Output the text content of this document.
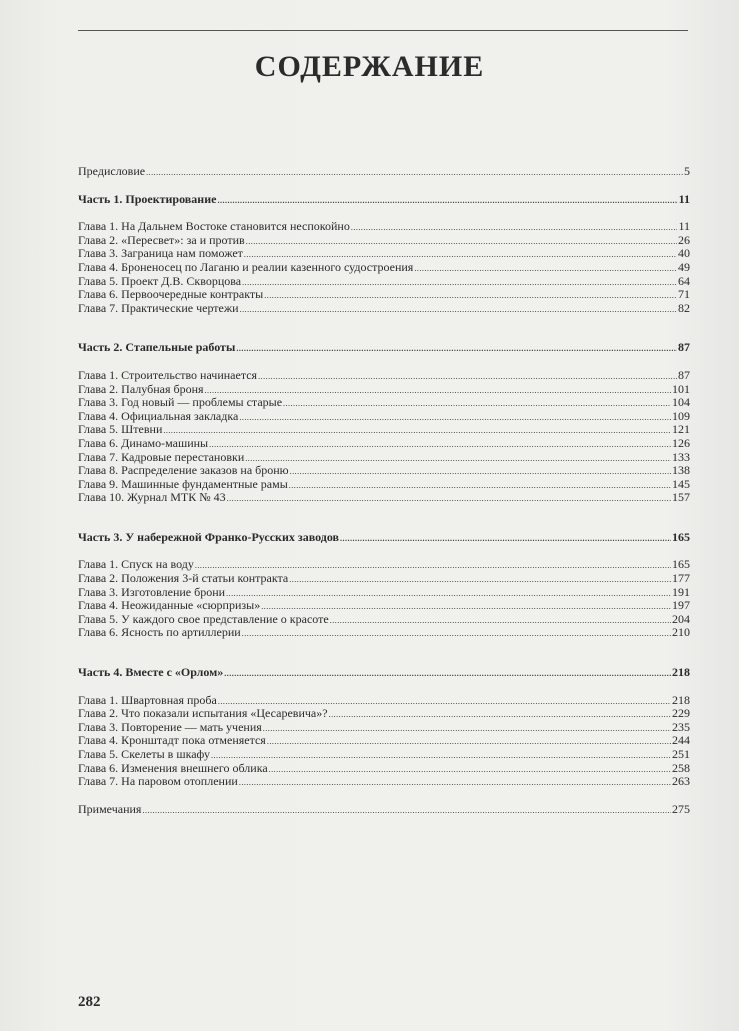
СОДЕРЖАНИЕ
Предисловие .....	5
Часть 1. Проектирование .....	11
Глава 1. На Дальнем Востоке становится неспокойно .....	11
Глава 2. «Пересвет»: за и против .....	26
Глава 3. Заграница нам поможет .....	40
Глава 4. Броненосец по Лаганю и реалии казенного судостроения .....	49
Глава 5. Проект Д.В. Скворцова .....	64
Глава 6. Первоочередные контракты .....	71
Глава 7. Практические чертежи .....	82
Часть 2. Стапельные работы .....	87
Глава 1. Строительство начинается .....	87
Глава 2. Палубная броня .....	101
Глава 3. Год новый — проблемы старые .....	104
Глава 4. Официальная закладка .....	109
Глава 5. Штевни .....	121
Глава 6. Динамо-машины .....	126
Глава 7. Кадровые перестановки .....	133
Глава 8. Распределение заказов на броню .....	138
Глава 9. Машинные фундаментные рамы .....	145
Глава 10. Журнал МТК № 43 .....	157
Часть 3. У набережной Франко-Русских заводов .....	165
Глава 1. Спуск на воду .....	165
Глава 2. Положения 3-й статьи контракта .....	177
Глава 3. Изготовление брони .....	191
Глава 4. Неожиданные «сюрпризы» .....	197
Глава 5. У каждого свое представление о красоте .....	204
Глава 6. Ясность по артиллерии .....	210
Часть 4. Вместе с «Орлом» .....	218
Глава 1. Швартовная проба .....	218
Глава 2. Что показали испытания «Цесаревича»? .....	229
Глава 3. Повторение — мать учения .....	235
Глава 4. Кронштадт пока отменяется .....	244
Глава 5. Скелеты в шкафу .....	251
Глава 6. Изменения внешнего облика .....	258
Глава 7. На паровом отоплении .....	263
Примечания .....	275
282
